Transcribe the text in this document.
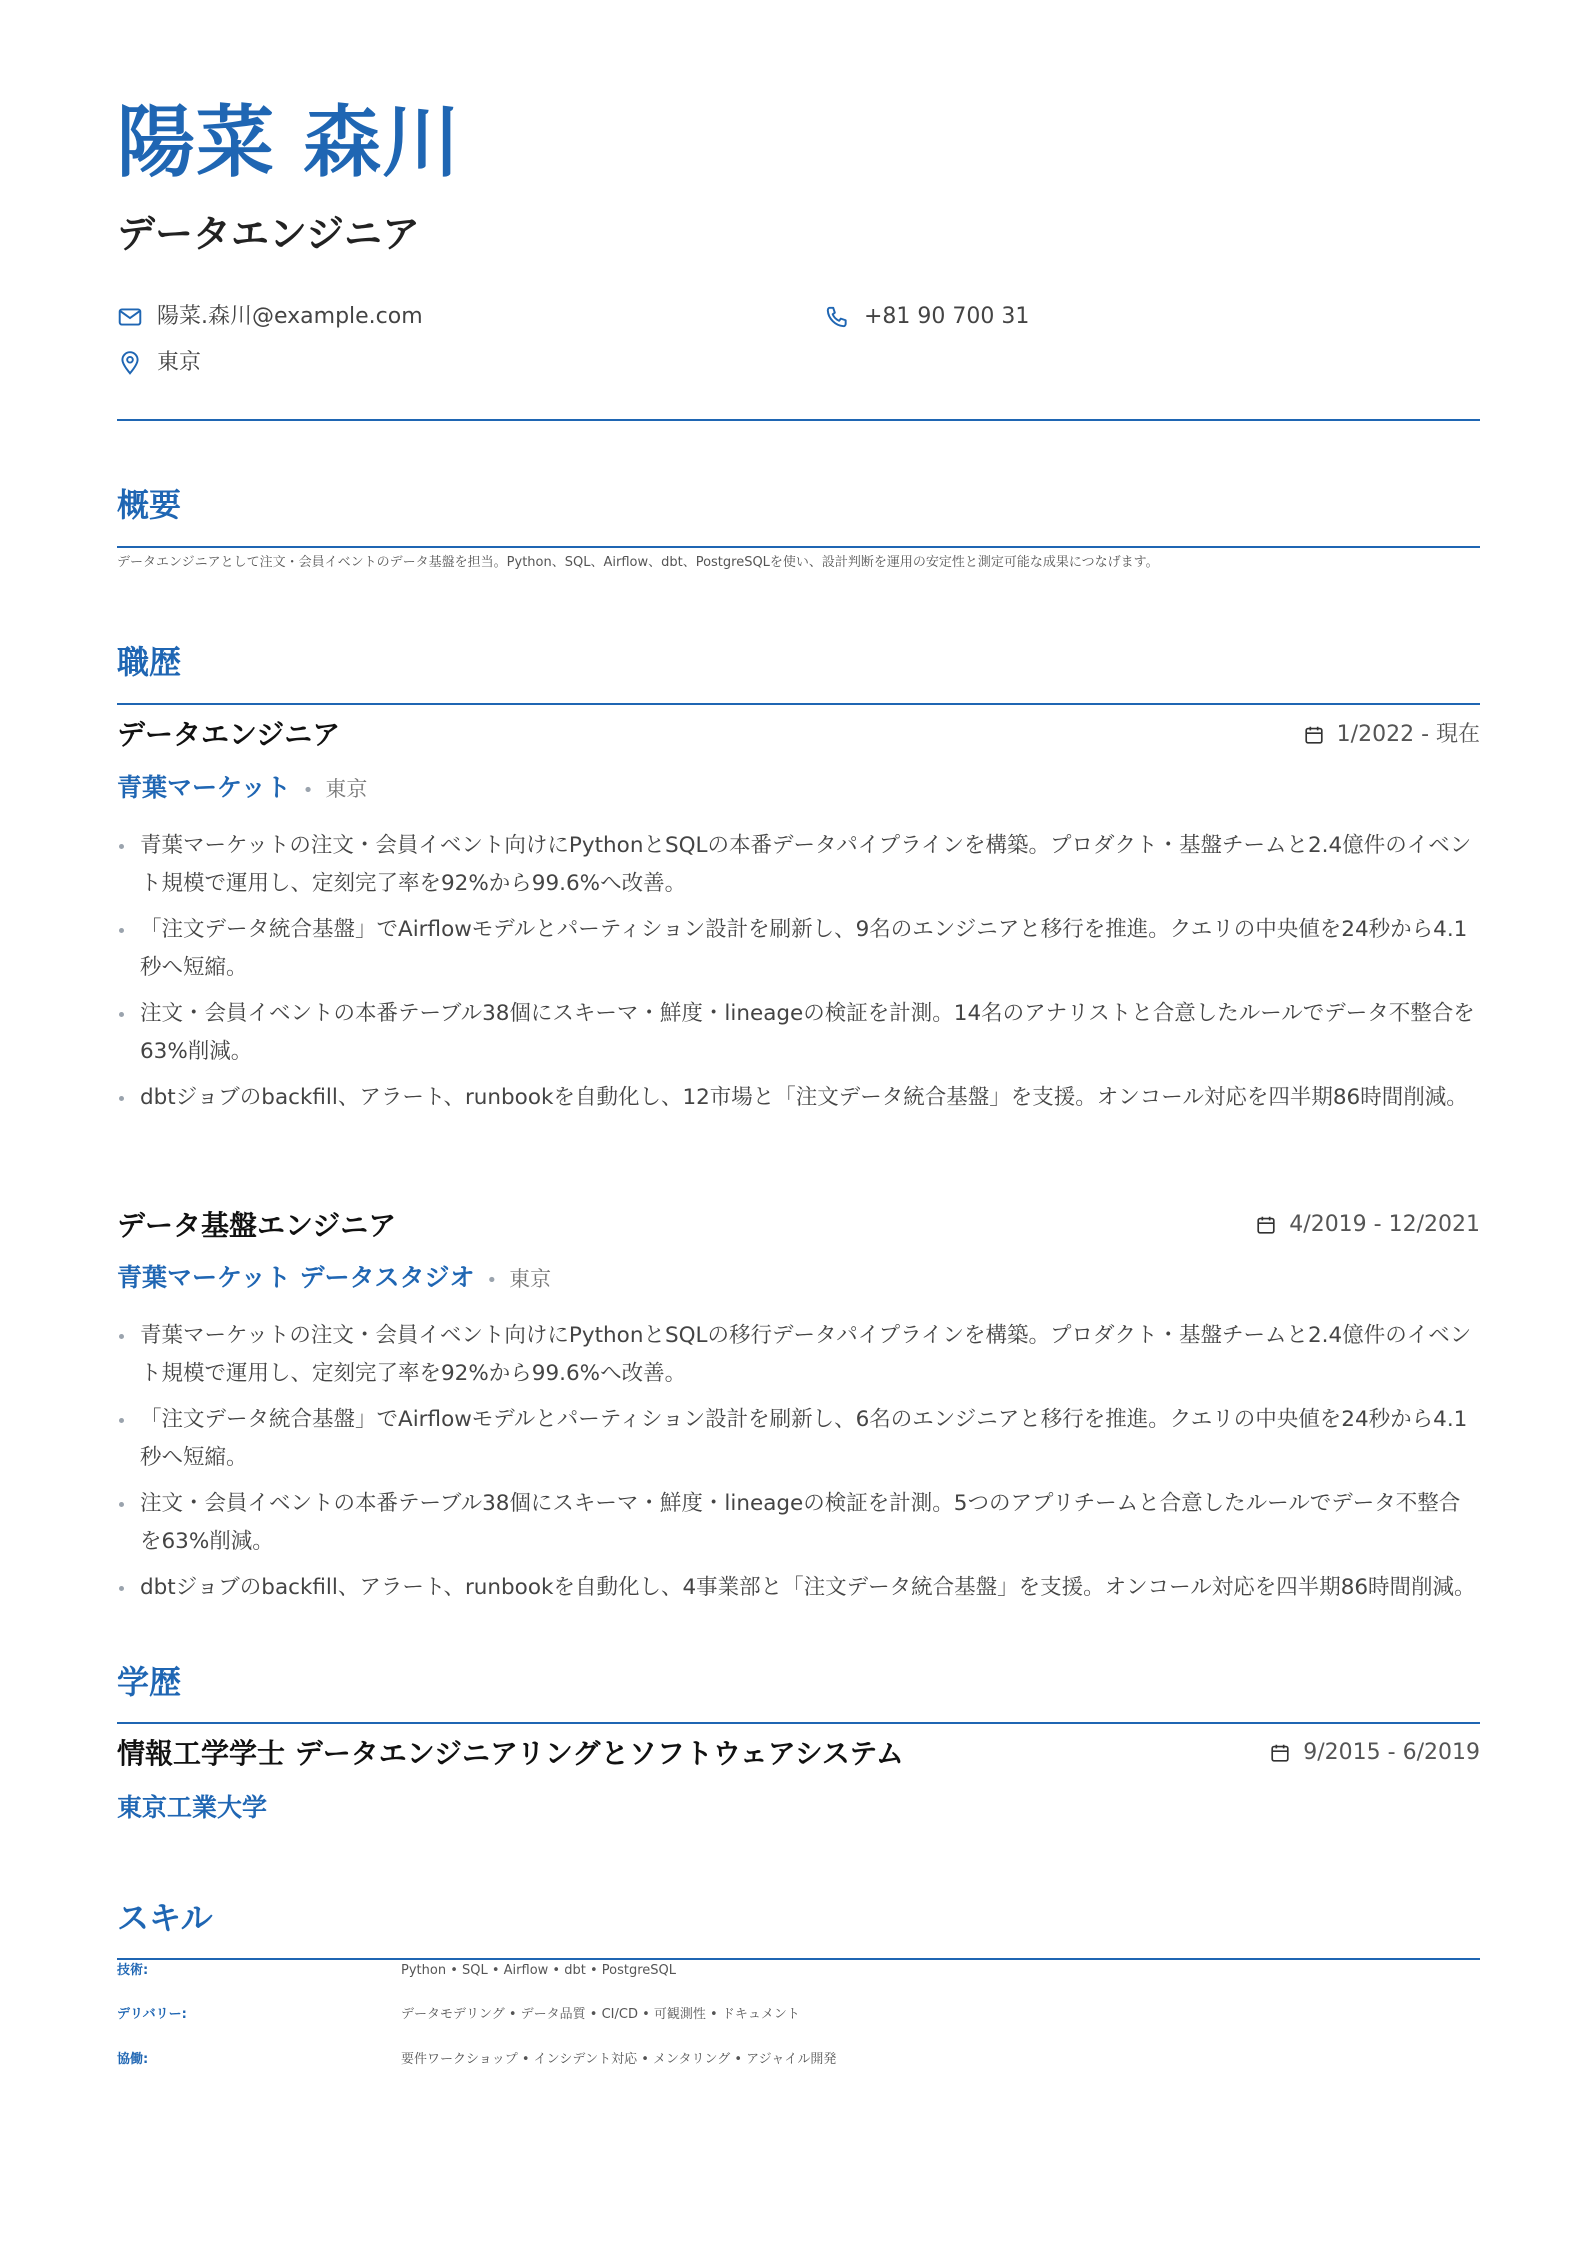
陽菜 森川
データエンジニア
陽菜.森川@example.com	+81 90 700 31
東京
概要
データエンジニアとして注文・会員イベントのデータ基盤を担当。Python、SQL、Airflow、dbt、PostgreSQLを使い、設計判断を運用の安定性と測定可能な成果につなげます。
職歴
データエンジニア	1/2022 - 現在
青葉マーケット • 東京
青葉マーケットの注文・会員イベント向けにPythonとSQLの本番データパイプラインを構築。プロダクト・基盤チームと2.4億件のイベント規模で運用し、定刻完了率を92%から99.6%へ改善。
「注文データ統合基盤」でAirflowモデルとパーティション設計を刷新し、9名のエンジニアと移行を推進。クエリの中央値を24秒から4.1秒へ短縮。
注文・会員イベントの本番テーブル38個にスキーマ・鮮度・lineageの検証を計測。14名のアナリストと合意したルールでデータ不整合を63%削減。
dbtジョブのbackfill、アラート、runbookを自動化し、12市場と「注文データ統合基盤」を支援。オンコール対応を四半期86時間削減。
データ基盤エンジニア	4/2019 - 12/2021
青葉マーケット データスタジオ • 東京
青葉マーケットの注文・会員イベント向けにPythonとSQLの移行データパイプラインを構築。プロダクト・基盤チームと2.4億件のイベント規模で運用し、定刻完了率を92%から99.6%へ改善。
「注文データ統合基盤」でAirflowモデルとパーティション設計を刷新し、6名のエンジニアと移行を推進。クエリの中央値を24秒から4.1秒へ短縮。
注文・会員イベントの本番テーブル38個にスキーマ・鮮度・lineageの検証を計測。5つのアプリチームと合意したルールでデータ不整合を63%削減。
dbtジョブのbackfill、アラート、runbookを自動化し、4事業部と「注文データ統合基盤」を支援。オンコール対応を四半期86時間削減。
学歴
情報工学学士 データエンジニアリングとソフトウェアシステム	9/2015 - 6/2019
東京工業大学
スキル
技術:	Python • SQL • Airflow • dbt • PostgreSQL
デリバリー:	データモデリング • データ品質 • CI/CD • 可観測性 • ドキュメント
協働:	要件ワークショップ • インシデント対応 • メンタリング • アジャイル開発
